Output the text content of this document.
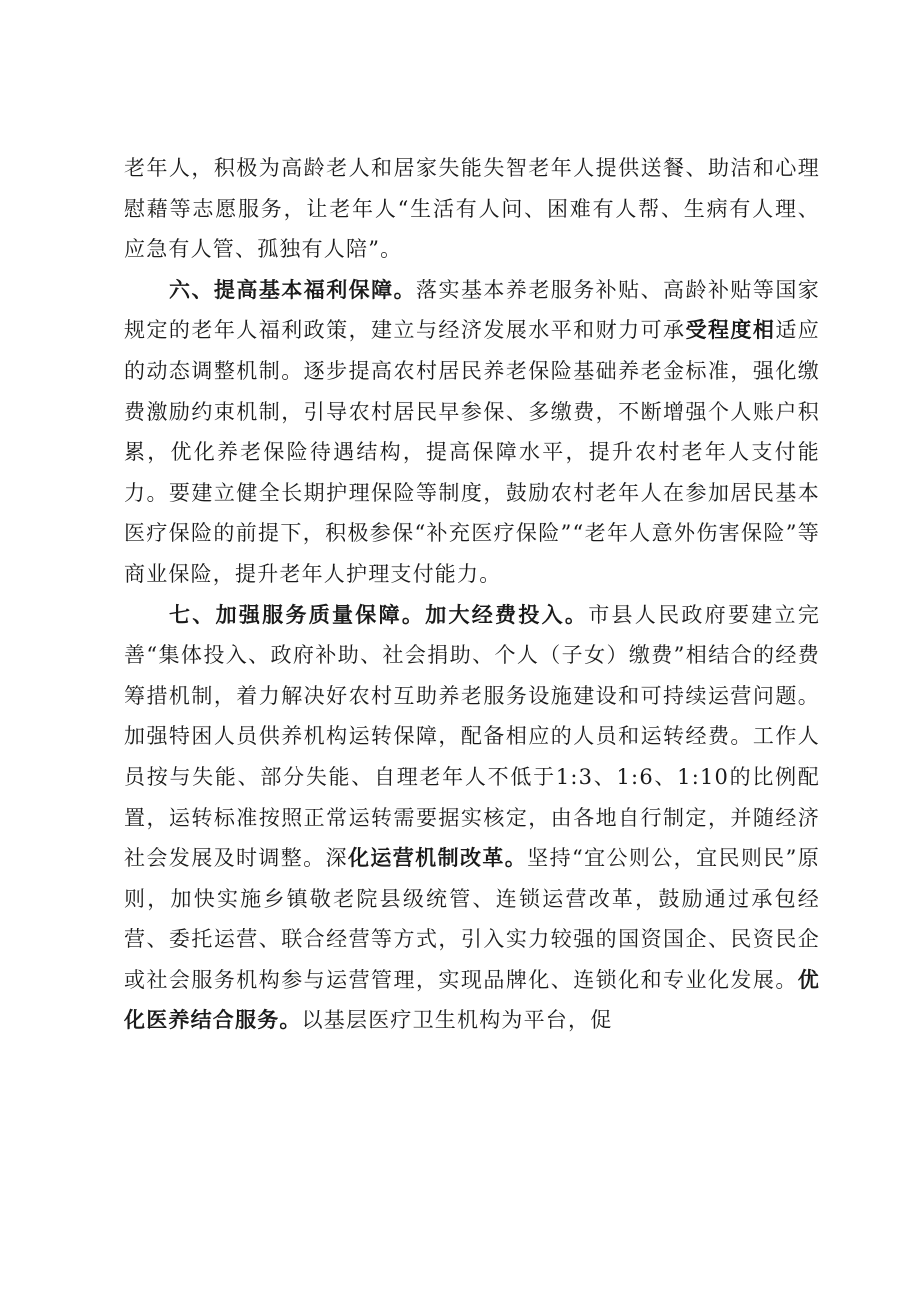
老年人，积极为高龄老人和居家失能失智老年人提供送餐、助洁和心理慰藉等志愿服务，让老年人“生活有人问、困难有人帮、生病有人理、应急有人管、孤独有人陪”。

六、提高基本福利保障。落实基本养老服务补贴、高龄补贴等国家规定的老年人福利政策，建立与经济发展水平和财力可承受程度相适应的动态调整机制。逐步提高农村居民养老保险基础养老金标准，强化缴费激励约束机制，引导农村居民早参保、多缴费，不断增强个人账户积累，优化养老保险待遇结构，提高保障水平，提升农村老年人支付能力。要建立健全长期护理保险等制度，鼓励农村老年人在参加居民基本医疗保险的前提下，积极参保“补充医疗保险”“老年人意外伤害保险”等商业保险，提升老年人护理支付能力。

七、加强服务质量保障。加大经费投入。市县人民政府要建立完善“集体投入、政府补助、社会捐助、个人（子女）缴费”相结合的经费筹措机制，着力解决好农村互助养老服务设施建设和可持续运营问题。加强特困人员供养机构运转保障，配备相应的人员和运转经费。工作人员按与失能、部分失能、自理老年人不低于1:3、1:6、1:10的比例配置，运转标准按照正常运转需要据实核定，由各地自行制定，并随经济社会发展及时调整。深化运营机制改革。坚持“宜公则公，宜民则民”原则，加快实施乡镇敬老院县级统管、连锁运营改革，鼓励通过承包经营、委托运营、联合经营等方式，引入实力较强的国资国企、民资民企或社会服务机构参与运营管理，实现品牌化、连锁化和专业化发展。优化医养结合服务。以基层医疗卫生机构为平台，促
